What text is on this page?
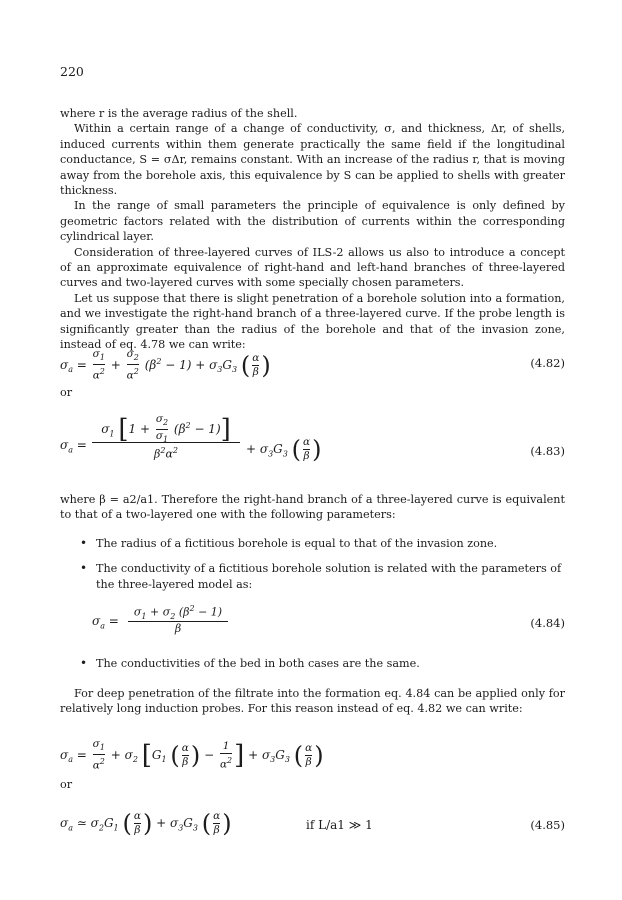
220

where r is the average radius of the shell.

Within a certain range of a change of conductivity, σ, and thickness, Δr, of shells, induced currents within them generate practically the same field if the longitudinal conductance, S = σΔr, remains constant. With an increase of the radius r, that is moving away from the borehole axis, this equivalence by S can be applied to shells with greater thickness.

In the range of small parameters the principle of equivalence is only defined by geometric factors related with the distribution of currents within the corresponding cylindrical layer.

Consideration of three-layered curves of ILS-2 allows us also to introduce a concept of an approximate equivalence of right-hand and left-hand branches of three-layered curves and two-layered curves with some specially chosen parameters.

Let us suppose that there is slight penetration of a borehole solution into a formation, and we investigate the right-hand branch of a three-layered curve. If the probe length is significantly greater than the radius of the borehole and that of the invasion zone, instead of eq. 4.78 we can write:

$\sigma_a = \frac{\sigma_1}{\alpha^2} + \frac{\sigma_2}{\alpha^2} (\beta^2 - 1) + \sigma_3G_3$ ( $\frac{\alpha}{\beta}$ )	(4.82)
or
$\sigma_a$ =
$\sigma_1$ $[1 + \frac{\sigma_2}{\sigma_1} (\beta^2 - 1)]$
$\beta^2\alpha^2$	+ $\sigma_3G_3$ ( $\frac{\alpha}{\beta}$ )	(4.83)

where β = a2/a1. Therefore the right-hand branch of a three-layered curve is equivalent to that of a two-layered one with the following parameters:

• The radius of a fictitious borehole is equal to that of the invasion zone.
• The conductivity of a fictitious borehole solution is related with the parameters of the three-layered model as:
$\sigma_a$ =
$\sigma_1 + \sigma_2$ $(\beta^2 - 1)$
β	(4.84)
• The conductivities of the bed in both cases are the same.

For deep penetration of the filtrate into the formation eq. 4.84 can be applied only for relatively long induction probes. For this reason instead of eq. 4.82 we can write:

$\sigma_a = \frac{\sigma_1}{\alpha^2} + \sigma_2$ [$G_1$ ( $\frac{\alpha}{\beta}$ ) − $\frac{1}{\alpha^2}$ ] + $\sigma_3G_3$ ( $\frac{\alpha}{\beta}$ )
or
$\sigma_a$ ≃ $\sigma_2G_1$ ( $\frac{\alpha}{\beta}$ ) + $\sigma_3G_3$ ( $\frac{\alpha}{\beta}$ )	if L/a1 ≫ 1	(4.85)
